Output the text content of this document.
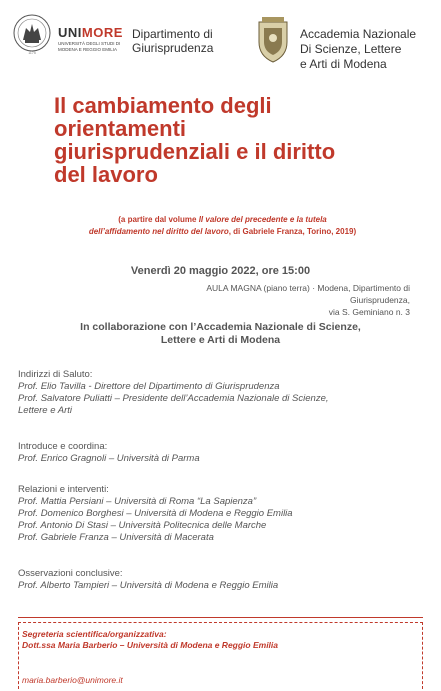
1175
UNIMORE
UNIVERSITÀ DEGLI STUDI DI
MODENA E REGGIO EMILIA
Dipartimento di
Giurisprudenza
Accademia Nazionale
Di Scienze, Lettere
e Arti di Modena
Il cambiamento degli
orientamenti
giurisprudenziali e il diritto
del lavoro
(a partire dal volume Il valore del precedente e la tutela
dell’affidamento nel diritto del lavoro, di Gabriele Franza, Torino, 2019)
Venerdì 20 maggio 2022, ore 15:00
AULA MAGNA (piano terra) · Modena, Dipartimento di Giurisprudenza,
via S. Geminiano n. 3
In collaborazione con l’Accademia Nazionale di Scienze,
Lettere e Arti di Modena
Indirizzi di Saluto:
Prof. Elio Tavilla - Direttore del Dipartimento di Giurisprudenza
Prof. Salvatore Puliatti – Presidente dell’Accademia Nazionale di Scienze,
Lettere e Arti
Introduce e coordina:
Prof. Enrico Gragnoli – Università di Parma
Relazioni e interventi:
Prof. Mattia Persiani – Università di Roma “La Sapienza”
Prof. Domenico Borghesi – Università di Modena e Reggio Emilia
Prof. Antonio Di Stasi – Università Politecnica delle Marche
Prof. Gabriele Franza – Università di Macerata
Osservazioni conclusive:
Prof. Alberto Tampieri – Università di Modena e Reggio Emilia
Segreteria scientifica/organizzativa:
Dott.ssa Maria Barberio – Università di Modena e Reggio Emilia
maria.barberio@unimore.it
